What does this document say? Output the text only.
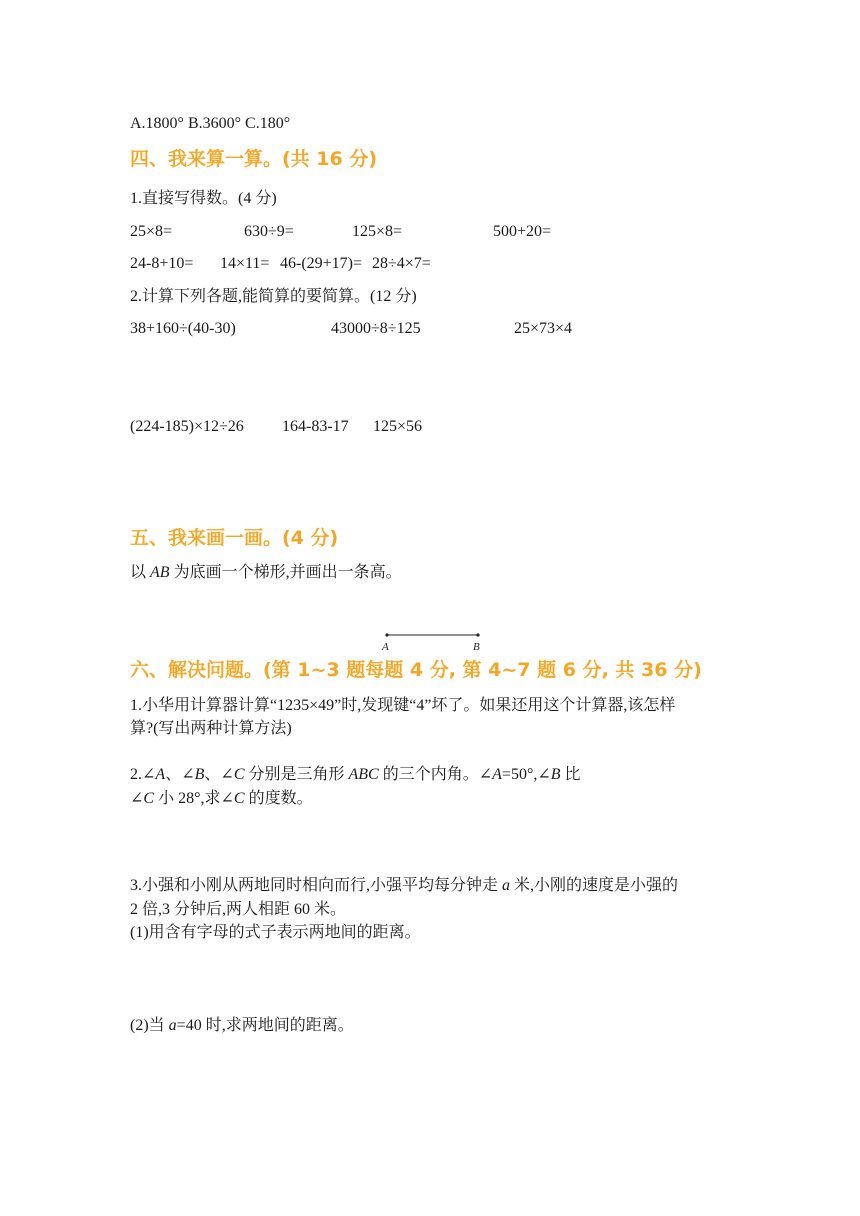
A.1800° B.3600° C.180°
四、我来算一算。(共 16 分)
1.直接写得数。(4 分)
25×8=	630÷9=	125×8=	500+20=
24-8+10= 14×11= 46-(29+17)= 28÷4×7=
2.计算下列各题,能简算的要简算。(12 分)
38+160÷(40-30)	43000÷8÷125	25×73×4
(224-185)×12÷26 164-83-17 125×56
五、我来画一画。(4 分)
以 AB 为底画一个梯形,并画出一条高。
A	B
六、解决问题。(第 1~3 题每题 4 分, 第 4~7 题 6 分, 共 36 分)
1.小华用计算器计算“1235×49”时,发现键“4”坏了。如果还用这个计算器,该怎样
算?(写出两种计算方法)
2.∠A、∠B、∠C 分别是三角形 ABC 的三个内角。∠A=50°,∠B 比
∠C 小 28°,求∠C 的度数。
3.小强和小刚从两地同时相向而行,小强平均每分钟走 a 米,小刚的速度是小强的
2 倍,3 分钟后,两人相距 60 米。
(1)用含有字母的式子表示两地间的距离。
(2)当 a=40 时,求两地间的距离。
